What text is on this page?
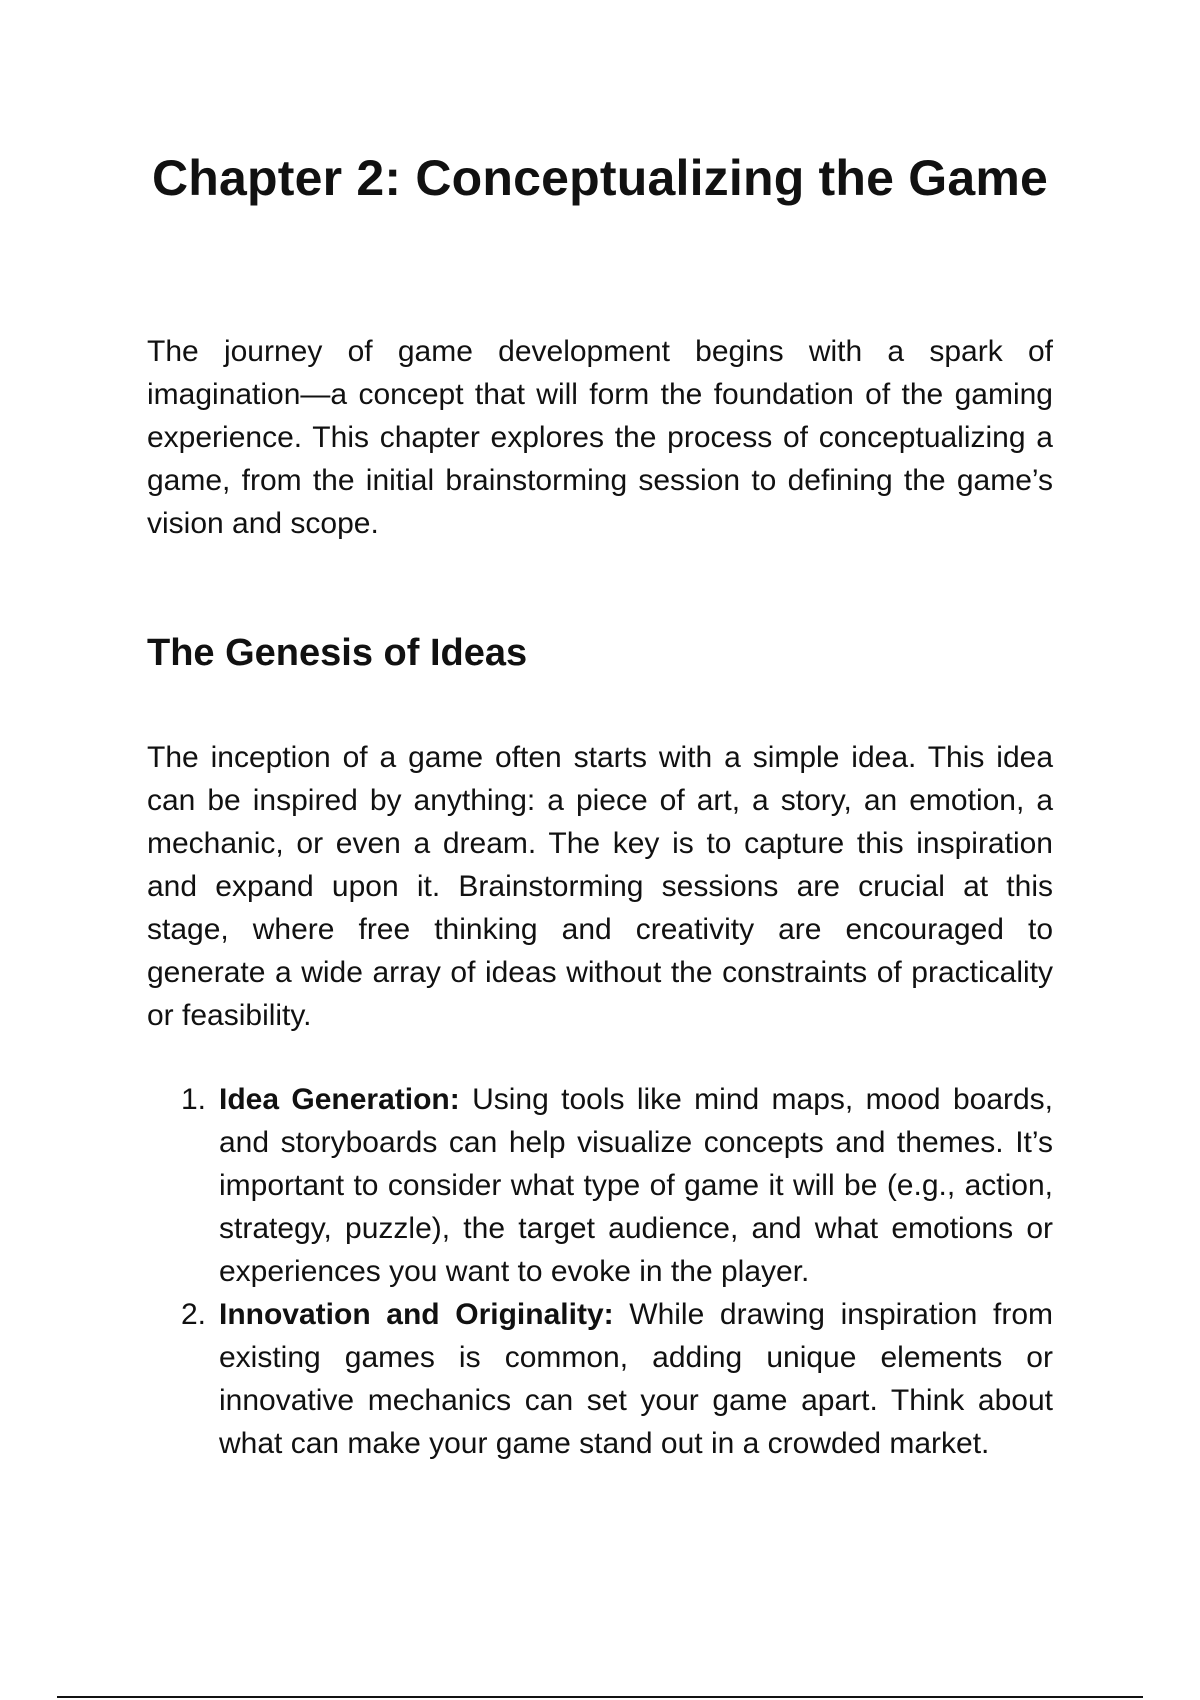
Chapter 2: Conceptualizing the Game

The journey of game development begins with a spark of imagination—a concept that will form the foundation of the gaming experience. This chapter explores the process of conceptualizing a game, from the initial brainstorming session to defining the game’s vision and scope.

The Genesis of Ideas

The inception of a game often starts with a simple idea. This idea can be inspired by anything: a piece of art, a story, an emotion, a mechanic, or even a dream. The key is to capture this inspiration and expand upon it. Brainstorming sessions are crucial at this stage, where free thinking and creativity are encouraged to generate a wide array of ideas without the constraints of practicality or feasibility.

1. Idea Generation: Using tools like mind maps, mood boards, and storyboards can help visualize concepts and themes. It’s important to consider what type of game it will be (e.g., action, strategy, puzzle), the target audience, and what emotions or experiences you want to evoke in the player.
2. Innovation and Originality: While drawing inspiration from existing games is common, adding unique elements or innovative mechanics can set your game apart. Think about what can make your game stand out in a crowded market.
